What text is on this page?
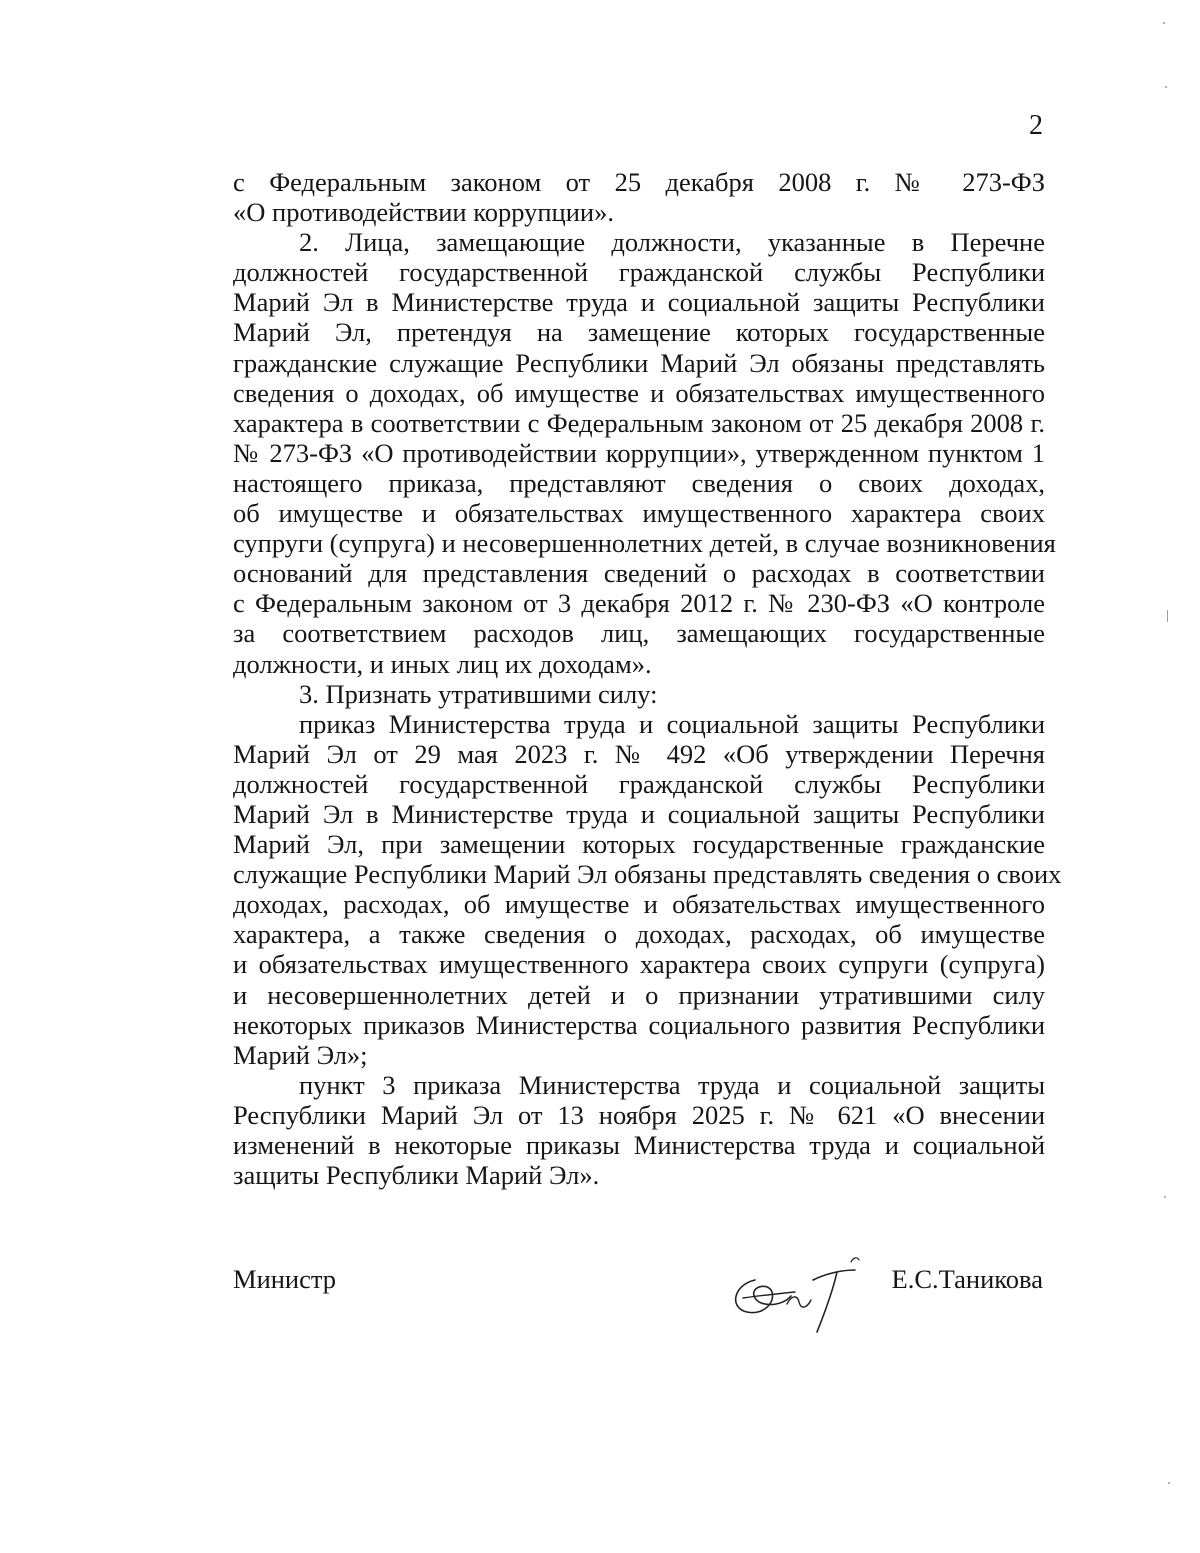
2
с Федеральным законом от 25 декабря 2008 г. № 273-ФЗ
«О противодействии коррупции».
2. Лица, замещающие должности, указанные в Перечне
должностей государственной гражданской службы Республики
Марий Эл в Министерстве труда и социальной защиты Республики
Марий Эл, претендуя на замещение которых государственные
гражданские служащие Республики Марий Эл обязаны представлять
сведения о доходах, об имуществе и обязательствах имущественного
характера в соответствии с Федеральным законом от 25 декабря 2008 г.
№ 273-ФЗ «О противодействии коррупции», утвержденном пунктом 1
настоящего приказа, представляют сведения о своих доходах,
об имуществе и обязательствах имущественного характера своих
супруги (супруга) и несовершеннолетних детей, в случае возникновения
оснований для представления сведений о расходах в соответствии
с Федеральным законом от 3 декабря 2012 г. № 230-ФЗ «О контроле
за соответствием расходов лиц, замещающих государственные
должности, и иных лиц их доходам».
3. Признать утратившими силу:
приказ Министерства труда и социальной защиты Республики
Марий Эл от 29 мая 2023 г. № 492 «Об утверждении Перечня
должностей государственной гражданской службы Республики
Марий Эл в Министерстве труда и социальной защиты Республики
Марий Эл, при замещении которых государственные гражданские
служащие Республики Марий Эл обязаны представлять сведения о своих
доходах, расходах, об имуществе и обязательствах имущественного
характера, а также сведения о доходах, расходах, об имуществе
и обязательствах имущественного характера своих супруги (супруга)
и несовершеннолетних детей и о признании утратившими силу
некоторых приказов Министерства социального развития Республики
Марий Эл»;
пункт 3 приказа Министерства труда и социальной защиты
Республики Марий Эл от 13 ноября 2025 г. № 621 «О внесении
изменений в некоторые приказы Министерства труда и социальной
защиты Республики Марий Эл».
Министр	Е.С.Таникова
